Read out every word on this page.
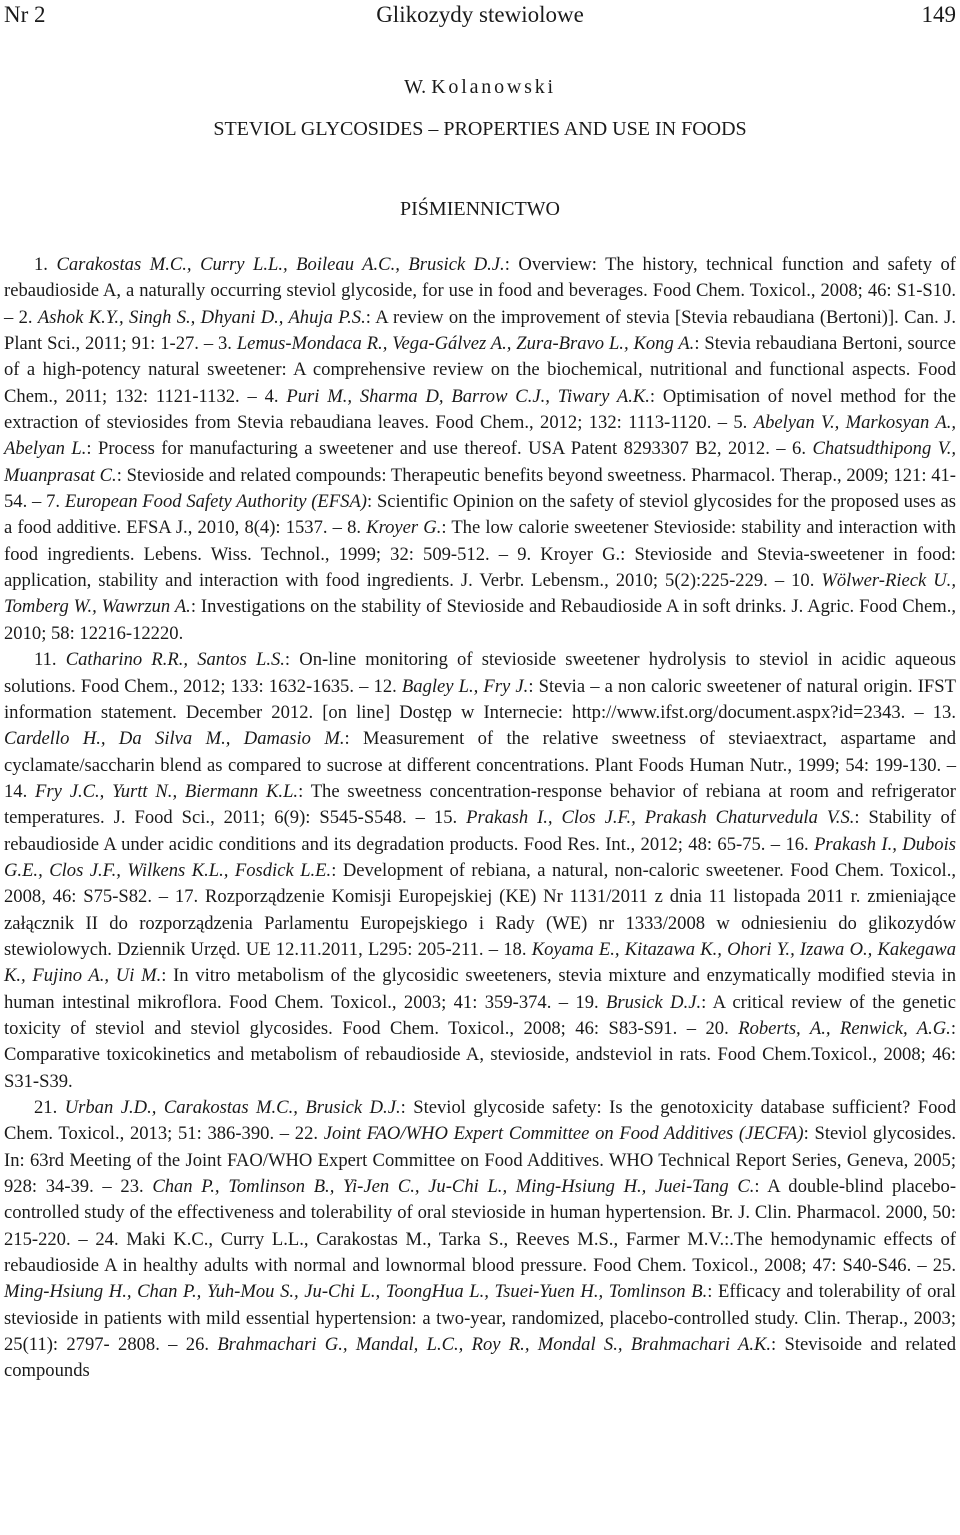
Nr 2	Glikozydy stewiolowe	149
W. Kolanowski
STEVIOL GLYCOSIDES – PROPERTIES AND USE IN FOODS
PIŚMIENNICTWO

1. Carakostas M.C., Curry L.L., Boileau A.C., Brusick D.J.: Overview: The history, technical function and safety of rebaudioside A, a naturally occurring steviol glycoside, for use in food and beverages. Food Chem. Toxicol., 2008; 46: S1-S10. – 2. Ashok K.Y., Singh S., Dhyani D., Ahuja P.S.: A review on the improvement of stevia [Stevia rebaudiana (Bertoni)]. Can. J. Plant Sci., 2011; 91: 1-27. – 3. Lemus-Mondaca R., Vega-Gálvez A., Zura-Bravo L., Kong A.: Stevia rebaudiana Bertoni, source of a high-potency natural sweetener: A comprehensive review on the biochemical, nutritional and functional aspects. Food Chem., 2011; 132: 1121-1132. – 4. Puri M., Sharma D, Barrow C.J., Tiwary A.K.: Optimisation of novel method for the extraction of steviosides from Stevia rebaudiana leaves. Food Chem., 2012; 132: 1113-1120. – 5. Abelyan V., Markosyan A., Abelyan L.: Process for manufacturing a sweetener and use thereof. USA Patent 8293307 B2, 2012. – 6. Chatsudthipong V., Muanprasat C.: Stevioside and related compounds: Therapeutic benefits beyond sweetness. Pharmacol. Therap., 2009; 121: 41-54. – 7. European Food Safety Authority (EFSA): Scientific Opinion on the safety of steviol glycosides for the proposed uses as a food additive. EFSA J., 2010, 8(4): 1537. – 8. Kroyer G.: The low calorie sweetener Stevioside: stability and interaction with food ingredients. Lebens. Wiss. Technol., 1999; 32: 509-512. – 9. Kroyer G.: Stevioside and Stevia-sweetener in food: application, stability and interaction with food ingredients. J. Verbr. Lebensm., 2010; 5(2):225-229. – 10. Wölwer-Rieck U., Tomberg W., Wawrzun A.: Investigations on the stability of Stevioside and Rebaudioside A in soft drinks. J. Agric. Food Chem., 2010; 58: 12216-12220.

11. Catharino R.R., Santos L.S.: On-line monitoring of stevioside sweetener hydrolysis to steviol in acidic aqueous solutions. Food Chem., 2012; 133: 1632-1635. – 12. Bagley L., Fry J.: Stevia – a non caloric sweetener of natural origin. IFST information statement. December 2012. [on line] Dostęp w Internecie: http://www.ifst.org/document.aspx?id=2343. – 13. Cardello H., Da Silva M., Damasio M.: Measurement of the relative sweetness of steviaextract, aspartame and cyclamate/saccharin blend as compared to sucrose at different concentrations. Plant Foods Human Nutr., 1999; 54: 199-130. – 14. Fry J.C., Yurtt N., Biermann K.L.: The sweetness concentration-response behavior of rebiana at room and refrigerator temperatures. J. Food Sci., 2011; 6(9): S545-S548. – 15. Prakash I., Clos J.F., Prakash Chaturvedula V.S.: Stability of rebaudioside A under acidic conditions and its degradation products. Food Res. Int., 2012; 48: 65-75. – 16. Prakash I., Dubois G.E., Clos J.F., Wilkens K.L., Fosdick L.E.: Development of rebiana, a natural, non-caloric sweetener. Food Chem. Toxicol., 2008, 46: S75-S82. – 17. Rozporządzenie Komisji Europejskiej (KE) Nr 1131/2011 z dnia 11 listopada 2011 r. zmieniające załącznik II do rozporządzenia Parlamentu Europejskiego i Rady (WE) nr 1333/2008 w odniesieniu do glikozydów stewiolowych. Dziennik Urzęd. UE 12.11.2011, L295: 205-211. – 18. Koyama E., Kitazawa K., Ohori Y., Izawa O., Kakegawa K., Fujino A., Ui M.: In vitro metabolism of the glycosidic sweeteners, stevia mixture and enzymatically modified stevia in human intestinal mikroflora. Food Chem. Toxicol., 2003; 41: 359-374. – 19. Brusick D.J.: A critical review of the genetic toxicity of steviol and steviol glycosides. Food Chem. Toxicol., 2008; 46: S83-S91. – 20. Roberts, A., Renwick, A.G.: Comparative toxicokinetics and metabolism of rebaudioside A, stevioside, andsteviol in rats. Food Chem.Toxicol., 2008; 46: S31-S39.

21. Urban J.D., Carakostas M.C., Brusick D.J.: Steviol glycoside safety: Is the genotoxicity database sufficient? Food Chem. Toxicol., 2013; 51: 386-390. – 22. Joint FAO/WHO Expert Committee on Food Additives (JECFA): Steviol glycosides. In: 63rd Meeting of the Joint FAO/WHO Expert Committee on Food Additives. WHO Technical Report Series, Geneva, 2005; 928: 34-39. – 23. Chan P., Tomlinson B., Yi-Jen C., Ju-Chi L., Ming-Hsiung H., Juei-Tang C.: A double-blind placebo-controlled study of the effectiveness and tolerability of oral stevioside in human hypertension. Br. J. Clin. Pharmacol. 2000, 50: 215-220. – 24. Maki K.C., Curry L.L., Carakostas M., Tarka S., Reeves M.S., Farmer M.V.:.The hemodynamic effects of rebaudioside A in healthy adults with normal and lownormal blood pressure. Food Chem. Toxicol., 2008; 47: S40-S46. – 25. Ming-Hsiung H., Chan P., Yuh-Mou S., Ju-Chi L., ToongHua L., Tsuei-Yuen H., Tomlinson B.: Efficacy and tolerability of oral stevioside in patients with mild essential hypertension: a two-year, randomized, placebo-controlled study. Clin. Therap., 2003; 25(11): 2797- 2808. – 26. Brahmachari G., Mandal, L.C., Roy R., Mondal S., Brahmachari A.K.: Stevisoide and related compounds
